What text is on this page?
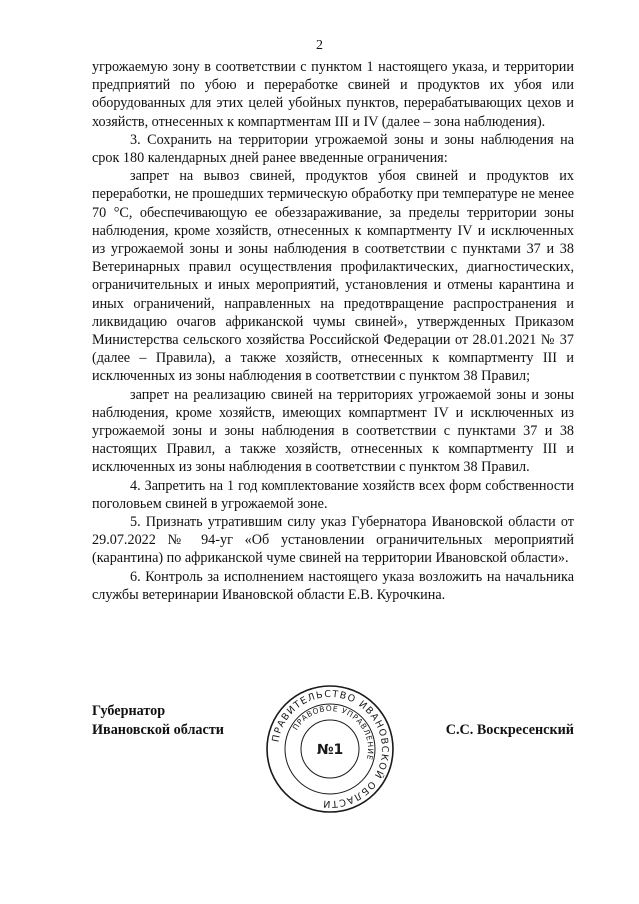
2

угрожаемую зону в соответствии с пунктом 1 настоящего указа, и территории предприятий по убою и переработке свиней и продуктов их убоя или оборудованных для этих целей убойных пунктов, перерабатывающих цехов и хозяйств, отнесенных к компартментам III и IV (далее – зона наблюдения).

3. Сохранить на территории угрожаемой зоны и зоны наблюдения на срок 180 календарных дней ранее введенные ограничения:

запрет на вывоз свиней, продуктов убоя свиней и продуктов их переработки, не прошедших термическую обработку при температуре не менее 70 °С, обеспечивающую ее обеззараживание, за пределы территории зоны наблюдения, кроме хозяйств, отнесенных к компартменту IV и исключенных из угрожаемой зоны и зоны наблюдения в соответствии с пунктами 37 и 38 Ветеринарных правил осуществления профилактических, диагностических, ограничительных и иных мероприятий, установления и отмены карантина и иных ограничений, направленных на предотвращение распространения и ликвидацию очагов африканской чумы свиней», утвержденных Приказом Министерства сельского хозяйства Российской Федерации от 28.01.2021 № 37 (далее – Правила), а также хозяйств, отнесенных к компартменту III и исключенных из зоны наблюдения в соответствии с пунктом 38 Правил;

запрет на реализацию свиней на территориях угрожаемой зоны и зоны наблюдения, кроме хозяйств, имеющих компартмент IV и исключенных из угрожаемой зоны и зоны наблюдения в соответствии с пунктами 37 и 38 настоящих Правил, а также хозяйств, отнесенных к компартменту III и исключенных из зоны наблюдения в соответствии с пунктом 38 Правил.

4. Запретить на 1 год комплектование хозяйств всех форм собственности поголовьем свиней в угрожаемой зоне.

5. Признать утратившим силу указ Губернатора Ивановской области от 29.07.2022 № 94-уг «Об установлении ограничительных мероприятий (карантина) по африканской чуме свиней на территории Ивановской области».

6. Контроль за исполнением настоящего указа возложить на начальника службы ветеринарии Ивановской области Е.В. Курочкина.

Губернатор
Ивановской области	ПРАВИТЕЛЬСТВО ИВАНОВСКОЙ ОБЛАСТИ
ПРАВОВОЕ УПРАВЛЕНИЕ
№1
С.С. Воскресенский
